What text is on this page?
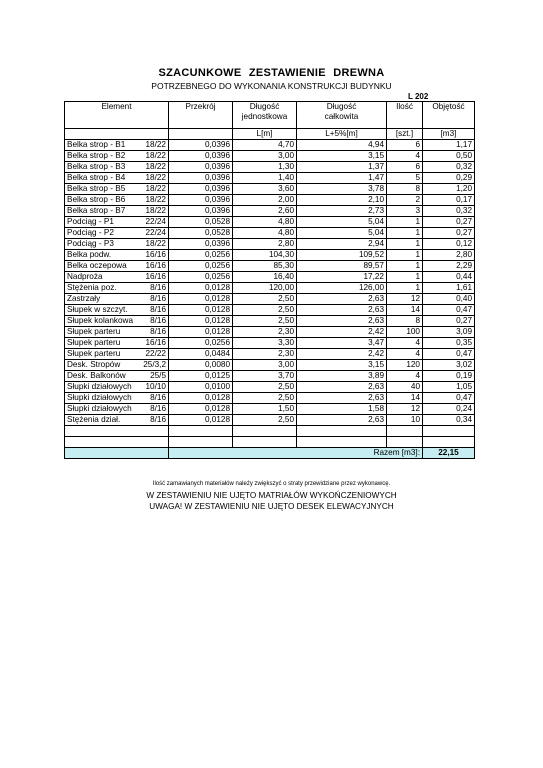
SZACUNKOWE ZESTAWIENIE DREWNA
POTRZEBNEGO DO WYKONANIA KONSTRUKCJI BUDYNKU
L 202
Element	Przekrój	Długość jednostkowa	Długość całkowita	Ilość	Objętość
		L[m]	L+5%[m]	[szt.]	[m3]
Belka strop - B1 18/22	0,0396	4,70	4,94	6	1,17
Belka strop - B2 18/22	0,0396	3,00	3,15	4	0,50
Belka strop - B3 18/22	0,0396	1,30	1,37	6	0,32
Belka strop - B4 18/22	0,0396	1,40	1,47	5	0,29
Belka strop - B5 18/22	0,0396	3,60	3,78	8	1,20
Belka strop - B6 18/22	0,0396	2,00	2,10	2	0,17
Belka strop - B7 18/22	0,0396	2,60	2,73	3	0,32
Podciąg - P1 22/24	0,0528	4,80	5,04	1	0,27
Podciąg - P2 22/24	0,0528	4,80	5,04	1	0,27
Podciąg - P3 18/22	0,0396	2,80	2,94	1	0,12
Belka podw. 16/16	0,0256	104,30	109,52	1	2,80
Belka oczepowa 16/16	0,0256	85,30	89,57	1	2,29
Nadproża 16/16	0,0256	16,40	17,22	1	0,44
Stężenia poz. 8/16	0,0128	120,00	126,00	1	1,61
Zastrzały 8/16	0,0128	2,50	2,63	12	0,40
Słupek w szczyt. 8/16	0,0128	2,50	2,63	14	0,47
Słupek kolankowa 8/16	0,0128	2,50	2,63	8	0,27
Słupek parteru 8/16	0,0128	2,30	2,42	100	3,09
Słupek parteru 16/16	0,0256	3,30	3,47	4	0,35
Słupek parteru 22/22	0,0484	2,30	2,42	4	0,47
Desk. Stropów 25/3,2	0,0080	3,00	3,15	120	3,02
Desk. Balkonów 25/5	0,0125	3,70	3,89	4	0,19
Słupki działowych 10/10	0,0100	2,50	2,63	40	1,05
Słupki działowych 8/16	0,0128	2,50	2,63	14	0,47
Słupki działowych 8/16	0,0128	1,50	1,58	12	0,24
Stężenia dział. 8/16	0,0128	2,50	2,63	10	0,34

	Razem [m3]:				22,15
Ilość zamawianych materiałów należy zwiększyć o straty przewidziane przez wykonawcę.
W ZESTAWIENIU NIE UJĘTO MATRIAŁÓW WYKOŃCZENIOWYCH
UWAGA! W ZESTAWIENIU NIE UJĘTO DESEK ELEWACYJNYCH
